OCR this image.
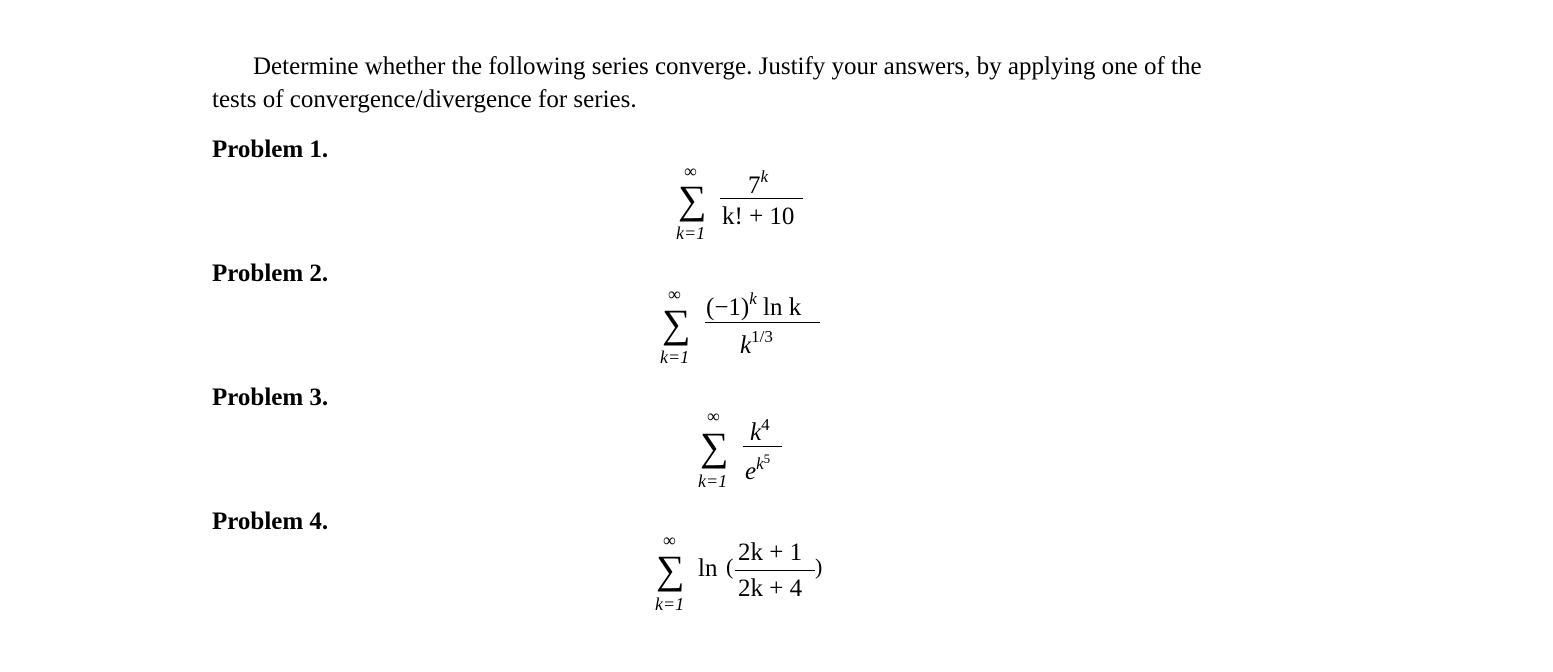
Determine whether the following series converge. Justify your answers, by applying one of the
tests of convergence/divergence for series.
Problem 1.
∞
∑
k=1
7$^k$
k! + 10
Problem 2.
∞
∑
k=1
$(-1)^k$ ln k
$k^{1/3}$
Problem 3.
∞
∑
k=1
$k^4$
$e^{k^5}$
Problem 4.
∞
∑
k=1
ln (
2k + 1
2k + 4
)
